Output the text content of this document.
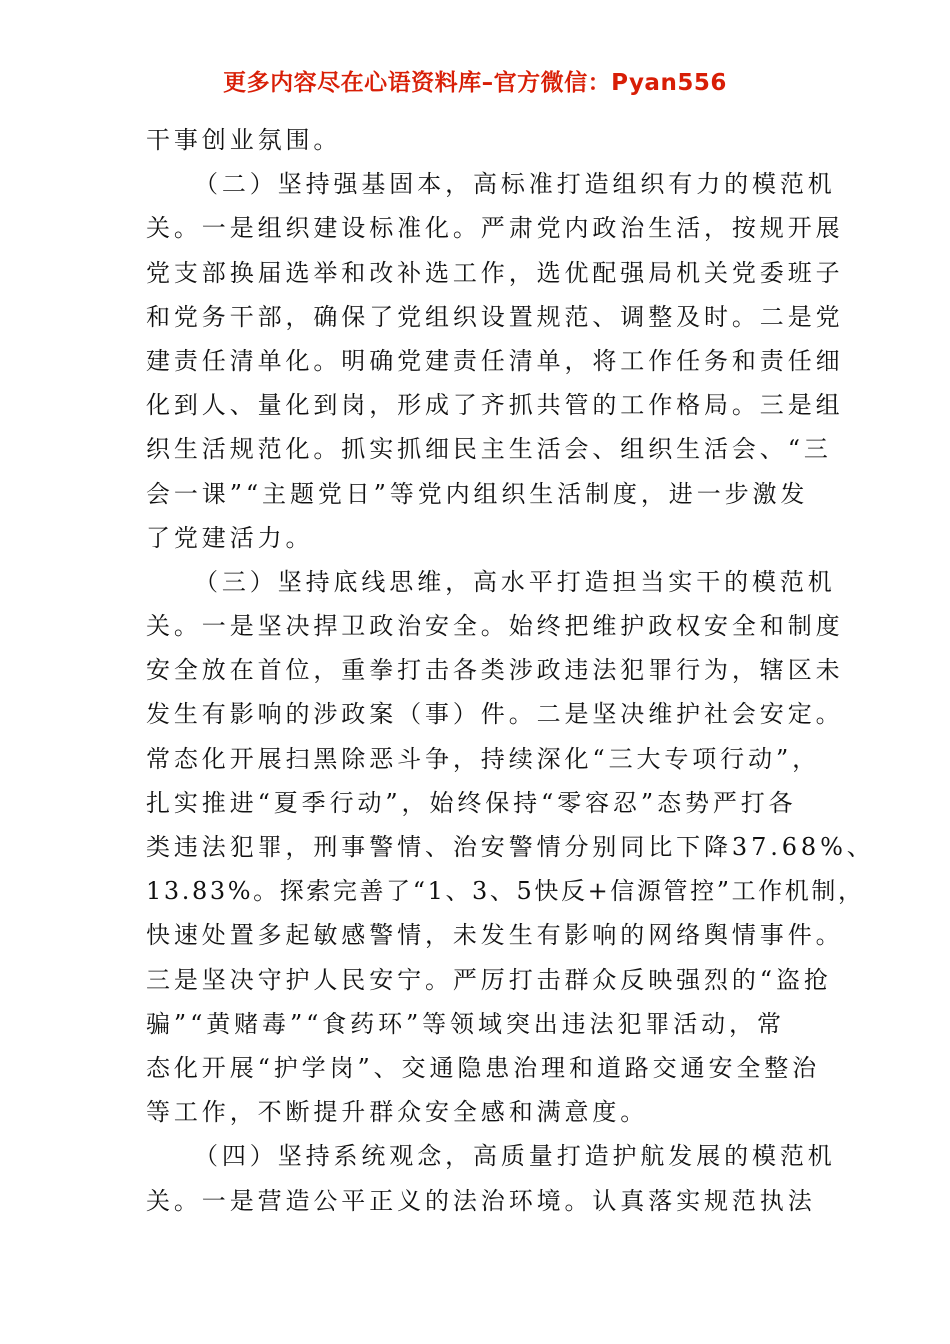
更多内容尽在心语资料库–官方微信：Pyan556
干事创业氛围。
（二）坚持强基固本，高标准打造组织有力的模范机
关。一是组织建设标准化。严肃党内政治生活，按规开展
党支部换届选举和改补选工作，选优配强局机关党委班子
和党务干部，确保了党组织设置规范、调整及时。二是党
建责任清单化。明确党建责任清单，将工作任务和责任细
化到人、量化到岗，形成了齐抓共管的工作格局。三是组
织生活规范化。抓实抓细民主生活会、组织生活会、“三
会一课”“主题党日”等党内组织生活制度，进一步激发
了党建活力。
（三）坚持底线思维，高水平打造担当实干的模范机
关。一是坚决捍卫政治安全。始终把维护政权安全和制度
安全放在首位，重拳打击各类涉政违法犯罪行为，辖区未
发生有影响的涉政案（事）件。二是坚决维护社会安定。
常态化开展扫黑除恶斗争，持续深化“三大专项行动”，
扎实推进“夏季行动”，始终保持“零容忍”态势严打各
类违法犯罪，刑事警情、治安警情分别同比下降37.68%、
13.83%。探索完善了“1、3、5快反+信源管控”工作机制，
快速处置多起敏感警情，未发生有影响的网络舆情事件。
三是坚决守护人民安宁。严厉打击群众反映强烈的“盗抢
骗”“黄赌毒”“食药环”等领域突出违法犯罪活动，常
态化开展“护学岗”、交通隐患治理和道路交通安全整治
等工作，不断提升群众安全感和满意度。
（四）坚持系统观念，高质量打造护航发展的模范机
关。一是营造公平正义的法治环境。认真落实规范执法
